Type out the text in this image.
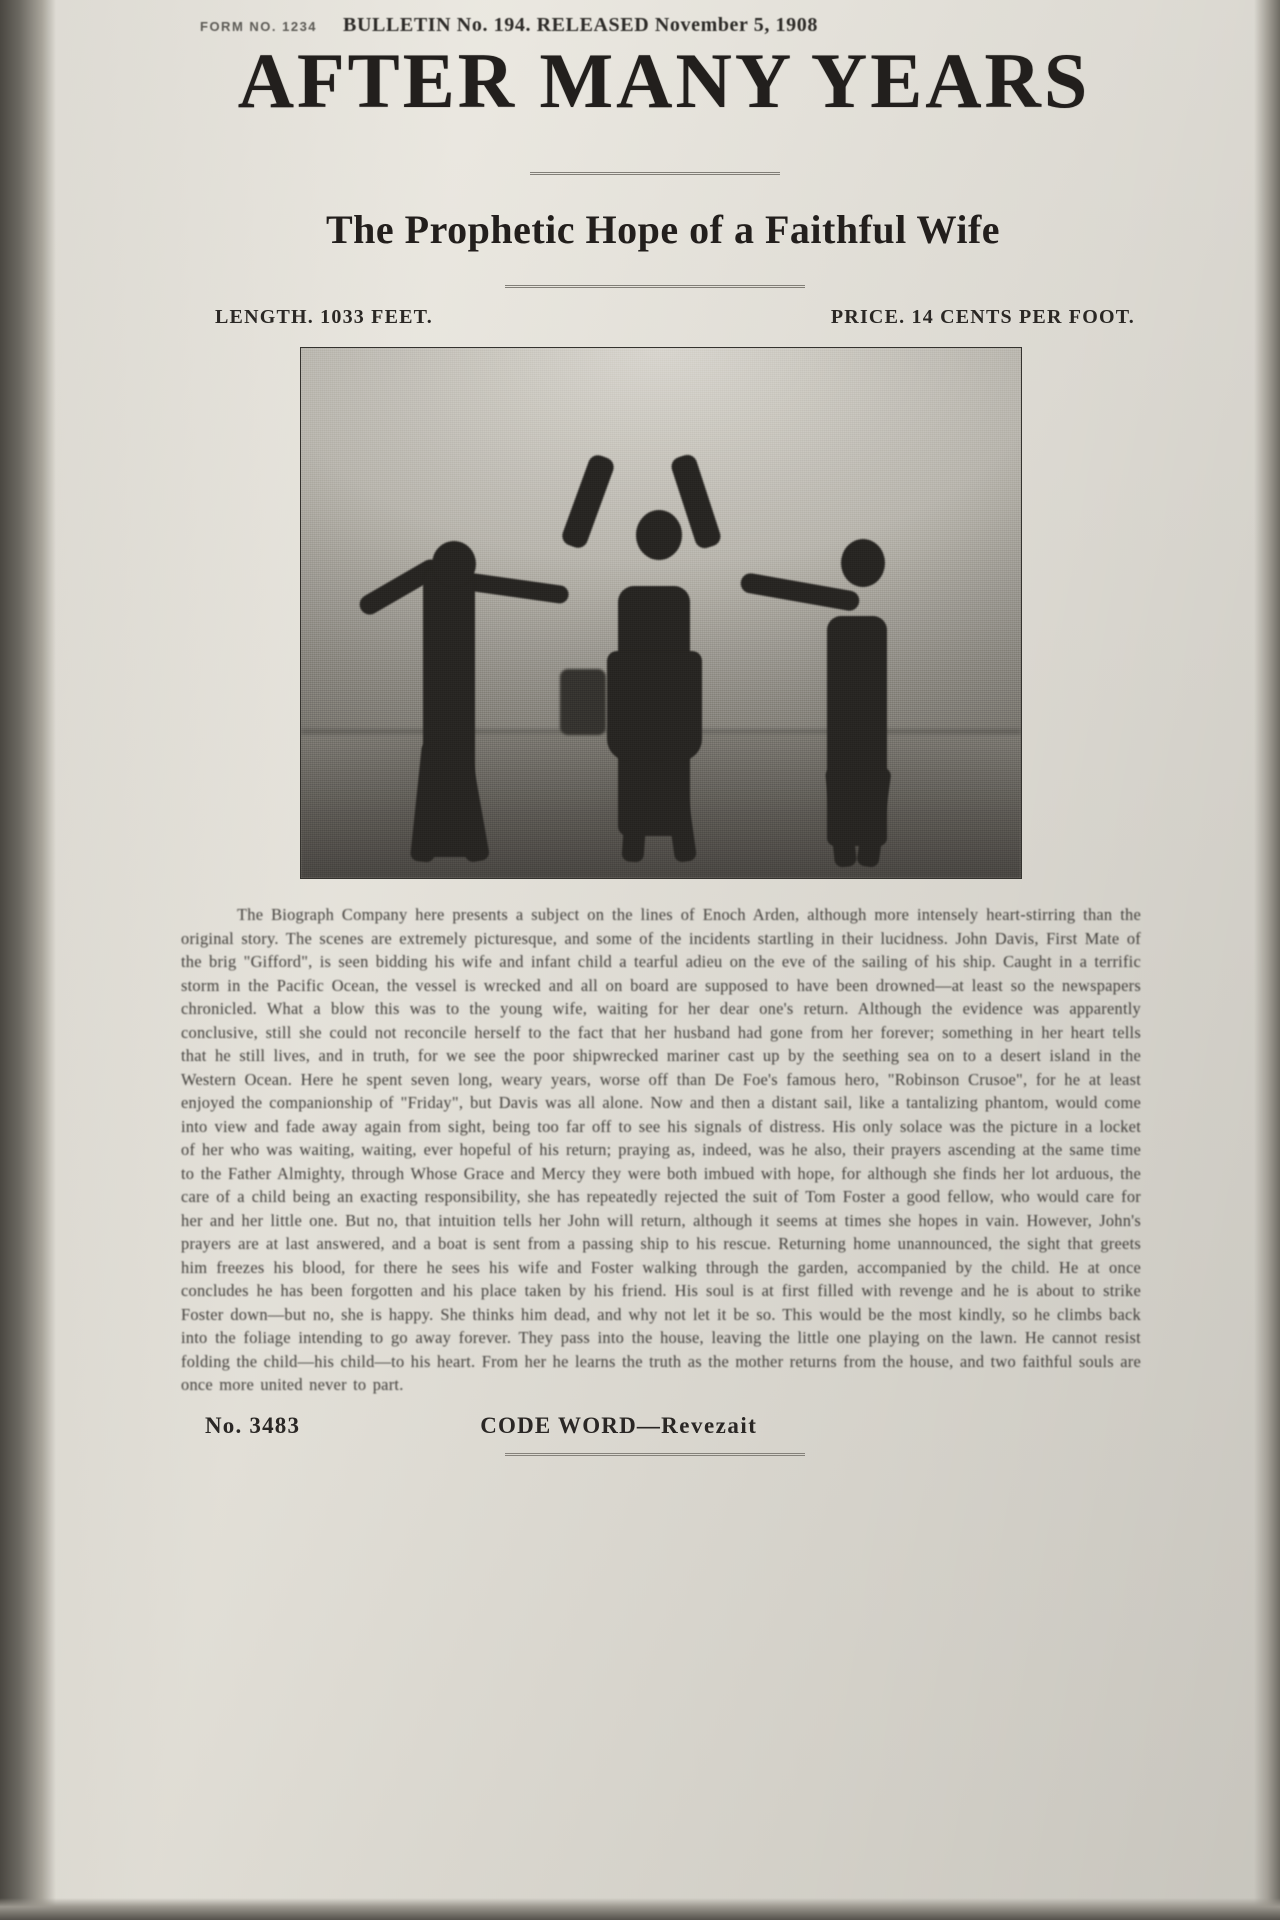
FORM NO. 1234 BULLETIN No. 194. RELEASED November 5, 1908
AFTER MANY YEARS
The Prophetic Hope of a Faithful Wife
LENGTH. 1033 FEET.	PRICE. 14 CENTS PER FOOT.

The Biograph Company here presents a subject on the lines of Enoch Arden, although more intensely heart-stirring than the original story. The scenes are extremely picturesque, and some of the incidents startling in their lucidness. John Davis, First Mate of the brig "Gifford", is seen bidding his wife and infant child a tearful adieu on the eve of the sailing of his ship. Caught in a terrific storm in the Pacific Ocean, the vessel is wrecked and all on board are supposed to have been drowned—at least so the newspapers chronicled. What a blow this was to the young wife, waiting for her dear one's return. Although the evidence was apparently conclusive, still she could not reconcile herself to the fact that her husband had gone from her forever; something in her heart tells that he still lives, and in truth, for we see the poor shipwrecked mariner cast up by the seething sea on to a desert island in the Western Ocean. Here he spent seven long, weary years, worse off than De Foe's famous hero, "Robinson Crusoe", for he at least enjoyed the companionship of "Friday", but Davis was all alone. Now and then a distant sail, like a tantalizing phantom, would come into view and fade away again from sight, being too far off to see his signals of distress. His only solace was the picture in a locket of her who was waiting, waiting, ever hopeful of his return; praying as, indeed, was he also, their prayers ascending at the same time to the Father Almighty, through Whose Grace and Mercy they were both imbued with hope, for although she finds her lot arduous, the care of a child being an exacting responsibility, she has repeatedly rejected the suit of Tom Foster a good fellow, who would care for her and her little one. But no, that intuition tells her John will return, although it seems at times she hopes in vain. However, John's prayers are at last answered, and a boat is sent from a passing ship to his rescue. Returning home unannounced, the sight that greets him freezes his blood, for there he sees his wife and Foster walking through the garden, accompanied by the child. He at once concludes he has been forgotten and his place taken by his friend. His soul is at first filled with revenge and he is about to strike Foster down—but no, she is happy. She thinks him dead, and why not let it be so. This would be the most kindly, so he climbs back into the foliage intending to go away forever. They pass into the house, leaving the little one playing on the lawn. He cannot resist folding the child—his child—to his heart. From her he learns the truth as the mother returns from the house, and two faithful souls are once more united never to part.

No. 3483	CODE WORD—Revezait
